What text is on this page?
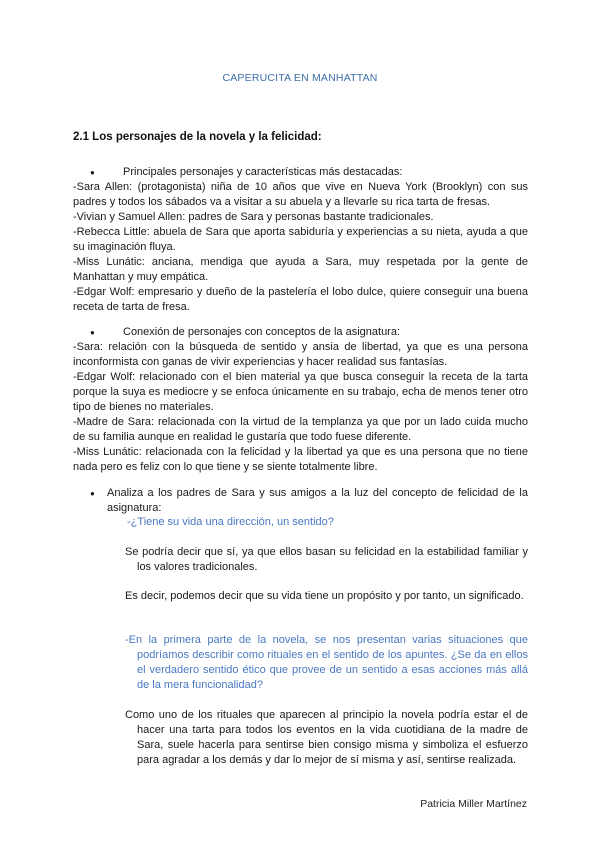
CAPERUCITA EN MANHATTAN
2.1 Los personajes de la novela y la felicidad:
●	Principales personajes y características más destacadas:

-Sara Allen: (protagonista) niña de 10 años que vive en Nueva York (Brooklyn) con sus padres y todos los sábados va a visitar a su abuela y a llevarle su rica tarta de fresas.

-Vivian y Samuel Allen: padres de Sara y personas bastante tradicionales.

-Rebecca Little: abuela de Sara que aporta sabiduría y experiencias a su nieta, ayuda a que su imaginación fluya.

-Miss Lunátic: anciana, mendiga que ayuda a Sara, muy respetada por la gente de Manhattan y muy empática.

-Edgar Wolf: empresario y dueño de la pastelería el lobo dulce, quiere conseguir una buena receta de tarta de fresa.

●	Conexión de personajes con conceptos de la asignatura:

-Sara: relación con la búsqueda de sentido y ansia de libertad, ya que es una persona inconformista con ganas de vivir experiencias y hacer realidad sus fantasías.

-Edgar Wolf: relacionado con el bien material ya que busca conseguir la receta de la tarta porque la suya es mediocre y se enfoca únicamente en su trabajo, echa de menos tener otro tipo de bienes no materiales.

-Madre de Sara: relacionada con la virtud de la templanza ya que por un lado cuida mucho de su familia aunque en realidad le gustaría que todo fuese diferente.

-Miss Lunátic: relacionada con la felicidad y la libertad ya que es una persona que no tiene nada pero es feliz con lo que tiene y se siente totalmente libre.

● Analiza a los padres de Sara y sus amigos a la luz del concepto de felicidad de la asignatura:
-¿Tiene su vida una dirección, un sentido?

Se podría decir que sí, ya que ellos basan su felicidad en la estabilidad familiar y los valores tradicionales.

Es decir, podemos decir que su vida tiene un propósito y por tanto, un significado.

-En la primera parte de la novela, se nos presentan varias situaciones que podríamos describir como rituales en el sentido de los apuntes. ¿Se da en ellos el verdadero sentido ético que provee de un sentido a esas acciones más allá de la mera funcionalidad?

Como uno de los rituales que aparecen al principio la novela podría estar el de hacer una tarta para todos los eventos en la vida cuotidiana de la madre de Sara, suele hacerla para sentirse bien consigo misma y simboliza el esfuerzo para agradar a los demás y dar lo mejor de sí misma y así, sentirse realizada.

Patricia Miller Martínez
